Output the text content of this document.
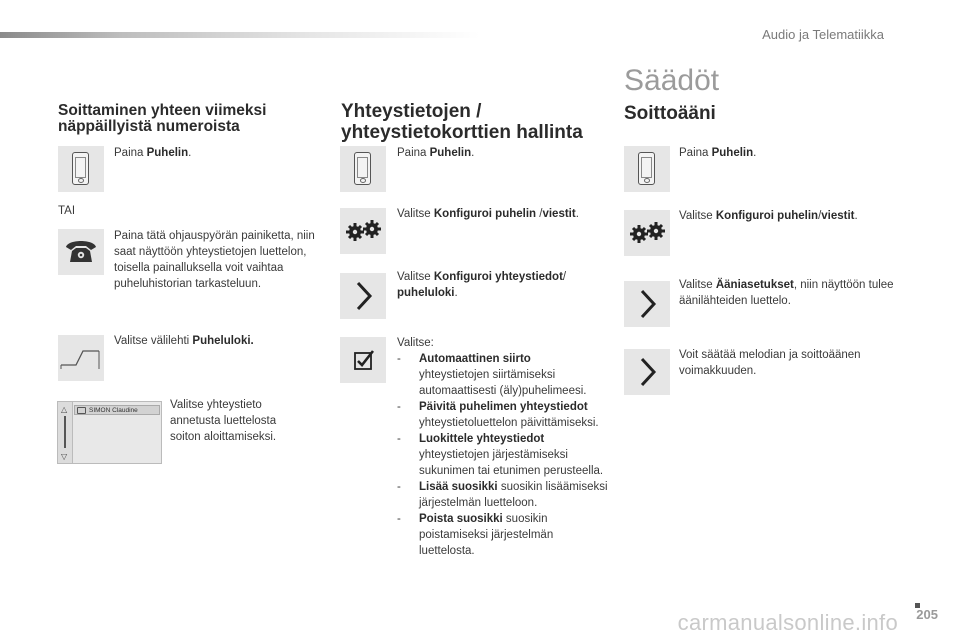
Audio ja Telematiikka
Soittaminen yhteen viimeksi näppäillyistä numeroista
Paina Puhelin.
TAI
Paina tätä ohjauspyörän painiketta, niin saat näyttöön yhteystietojen luettelon, toisella painalluksella voit vaihtaa puheluhistorian tarkasteluun.
Valitse välilehti Puheluloki.
△
▽
SIMON Claudine	Valitse yhteystieto annetusta luettelosta soiton aloittamiseksi.
Yhteystietojen / yhteystietokorttien hallinta
Paina Puhelin.
Valitse Konfiguroi puhelin /viestit.
Valitse Konfiguroi yhteystiedot/
puheluloki.
Valitse:
-	Automaattinen siirto
yhteystietojen siirtämiseksi automaattisesti (äly)puhelimeesi.
-	Päivitä puhelimen yhteystiedot
yhteystietoluettelon päivittämiseksi.
-	Luokittele yhteystiedot
yhteystietojen järjestämiseksi sukunimen tai etunimen perusteella.
-	Lisää suosikki suosikin lisäämiseksi järjestelmän luetteloon.
-	Poista suosikki suosikin poistamiseksi järjestelmän luettelosta.
Säädöt
Soittoääni
Paina Puhelin.
Valitse Konfiguroi puhelin/viestit.
Valitse Ääniasetukset, niin näyttöön tulee äänilähteiden luettelo.
Voit säätää melodian ja soittoäänen voimakkuuden.
205
carmanualsonline.info
